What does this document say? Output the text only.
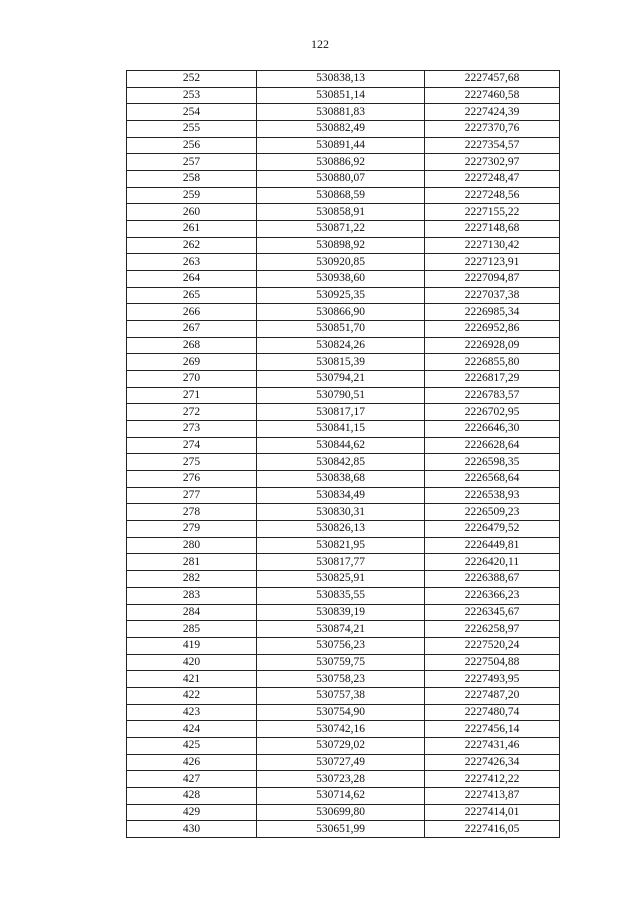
122
252	530838,13	2227457,68
253	530851,14	2227460,58
254	530881,83	2227424,39
255	530882,49	2227370,76
256	530891,44	2227354,57
257	530886,92	2227302,97
258	530880,07	2227248,47
259	530868,59	2227248,56
260	530858,91	2227155,22
261	530871,22	2227148,68
262	530898,92	2227130,42
263	530920,85	2227123,91
264	530938,60	2227094,87
265	530925,35	2227037,38
266	530866,90	2226985,34
267	530851,70	2226952,86
268	530824,26	2226928,09
269	530815,39	2226855,80
270	530794,21	2226817,29
271	530790,51	2226783,57
272	530817,17	2226702,95
273	530841,15	2226646,30
274	530844,62	2226628,64
275	530842,85	2226598,35
276	530838,68	2226568,64
277	530834,49	2226538,93
278	530830,31	2226509,23
279	530826,13	2226479,52
280	530821,95	2226449,81
281	530817,77	2226420,11
282	530825,91	2226388,67
283	530835,55	2226366,23
284	530839,19	2226345,67
285	530874,21	2226258,97
419	530756,23	2227520,24
420	530759,75	2227504,88
421	530758,23	2227493,95
422	530757,38	2227487,20
423	530754,90	2227480,74
424	530742,16	2227456,14
425	530729,02	2227431,46
426	530727,49	2227426,34
427	530723,28	2227412,22
428	530714,62	2227413,87
429	530699,80	2227414,01
430	530651,99	2227416,05
